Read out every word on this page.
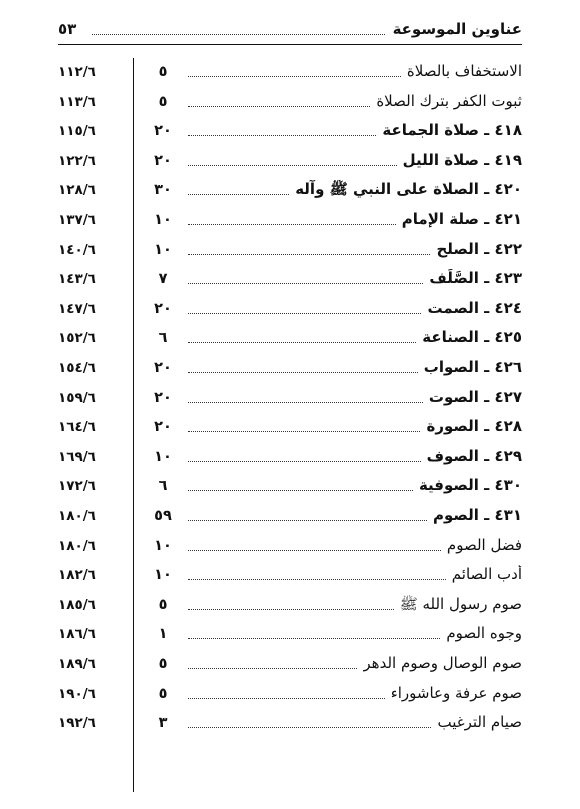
عناوين الموسوعة
٥٣
١١٢/٦	٥	الاستخفاف بالصلاة
١١٣/٦	٥	ثبوت الكفر بترك الصلاة
١١٥/٦	٢٠	٤١٨ ـ صلاة الجماعة
١٢٢/٦	٢٠	٤١٩ ـ صلاة الليل
١٢٨/٦	٣٠	٤٢٠ ـ الصلاة على النبي ﷺ وآله
١٣٧/٦	١٠	٤٢١ ـ صلة الإمام
١٤٠/٦	١٠	٤٢٢ ـ الصلح
١٤٣/٦	٧	٤٢٣ ـ الصَّلَف
١٤٧/٦	٢٠	٤٢٤ ـ الصمت
١٥٢/٦	٦	٤٢٥ ـ الصناعة
١٥٤/٦	٢٠	٤٢٦ ـ الصواب
١٥٩/٦	٢٠	٤٢٧ ـ الصوت
١٦٤/٦	٢٠	٤٢٨ ـ الصورة
١٦٩/٦	١٠	٤٢٩ ـ الصوف
١٧٢/٦	٦	٤٣٠ ـ الصوفية
١٨٠/٦	٥٩	٤٣١ ـ الصوم
١٨٠/٦	١٠	فضل الصوم
١٨٢/٦	١٠	أدب الصائم
١٨٥/٦	٥	صوم رسول الله ﷺ
١٨٦/٦	١	وجوه الصوم
١٨٩/٦	٥	صوم الوصال وصوم الدهر
١٩٠/٦	٥	صوم عرفة وعاشوراء
١٩٢/٦	٣	صيام الترغيب
